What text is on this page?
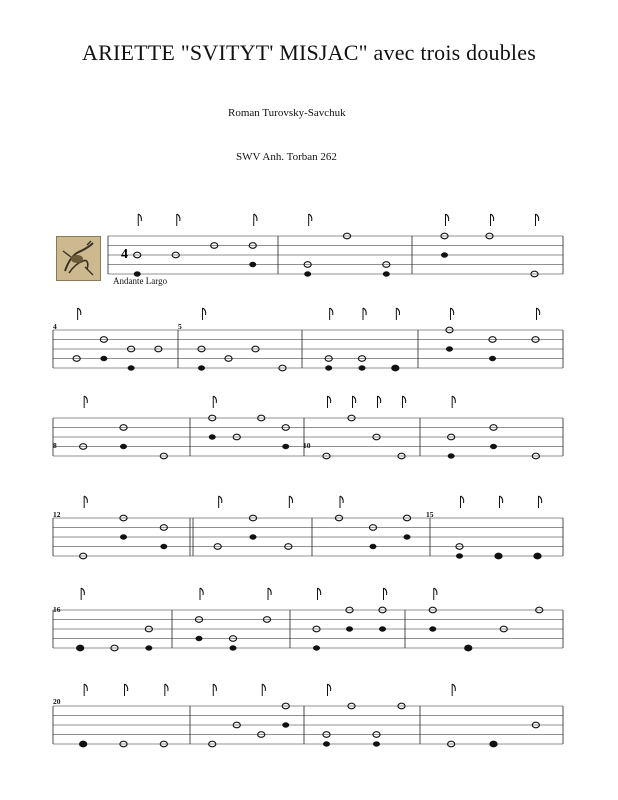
ARIETTE "SVITYT' MISJAC" avec trois doubles
Roman Turovsky-Savchuk
SWV Anh. Torban 262
Andante Largo
4	5
8	10
12	15
16
20
4
